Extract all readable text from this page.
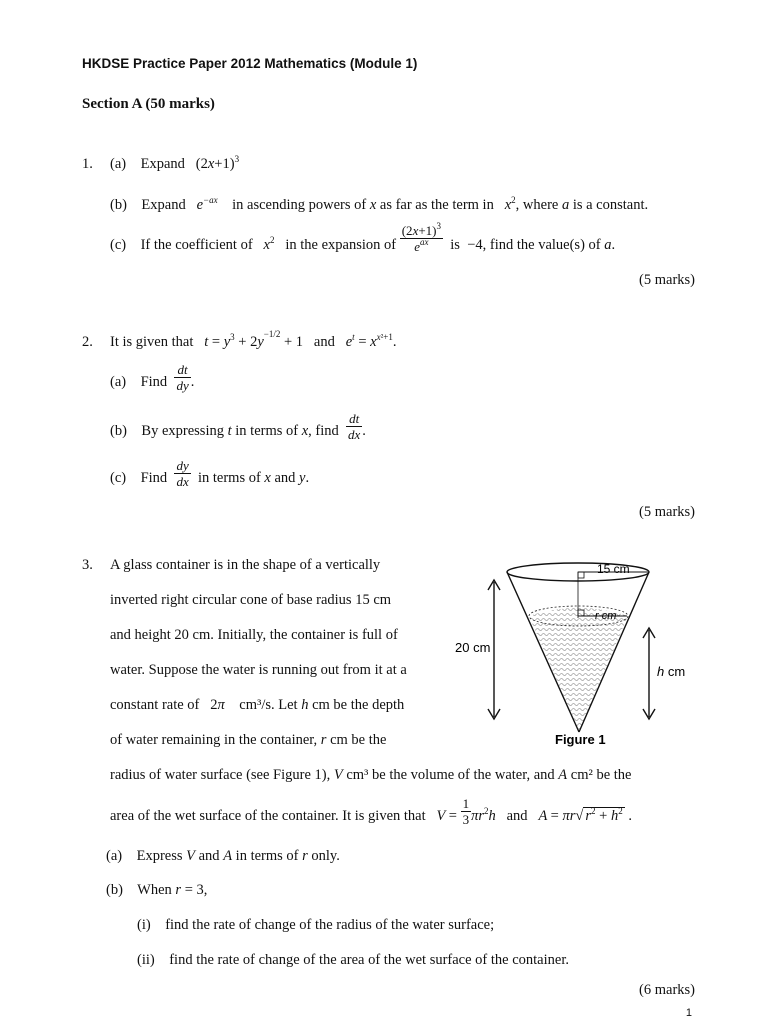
HKDSE Practice Paper 2012 Mathematics (Module 1)
Section A (50 marks)
1. (a) Expand $(2x+1)^3$
(b) Expand $e^{-ax}$ in ascending powers of x as far as the term in $x^2$, where a is a constant.
(c) If the coefficient of $x^2$ in the expansion of $\frac{(2x+1)^3}{e^{ax}}$ is −4, find the value(s) of a.
(5 marks)
2. It is given that $t = y^3 + 2y^{-1/2} + 1$ and $e^t = x^{x^2+1}$.
(a) Find $\frac{dt}{dy}$ .
(b) By expressing t in terms of x, find $\frac{dt}{dx}$ .
(c) Find $\frac{dy}{dx}$ in terms of x and y.
(5 marks)
3. A glass container is in the shape of a vertically
inverted right circular cone of base radius 15 cm
and height 20 cm. Initially, the container is full of
water. Suppose the water is running out from it at a
constant rate of 2π cm³/s. Let h cm be the depth
of water remaining in the container, r cm be the
radius of water surface (see Figure 1), V cm³ be the volume of the water, and A cm² be the
area of the wet surface of the container. It is given that $V = \frac{1}{3} \pi r^2h$ and A = πr√ $r^2 + h^2$ .
(a) Express V and A in terms of r only.
(b) When r = 3,
(i) find the rate of change of the radius of the water surface;
(ii) find the rate of change of the area of the wet surface of the container.
(6 marks)
15 cm
r cm
20 cm
h cm
Figure 1
1
